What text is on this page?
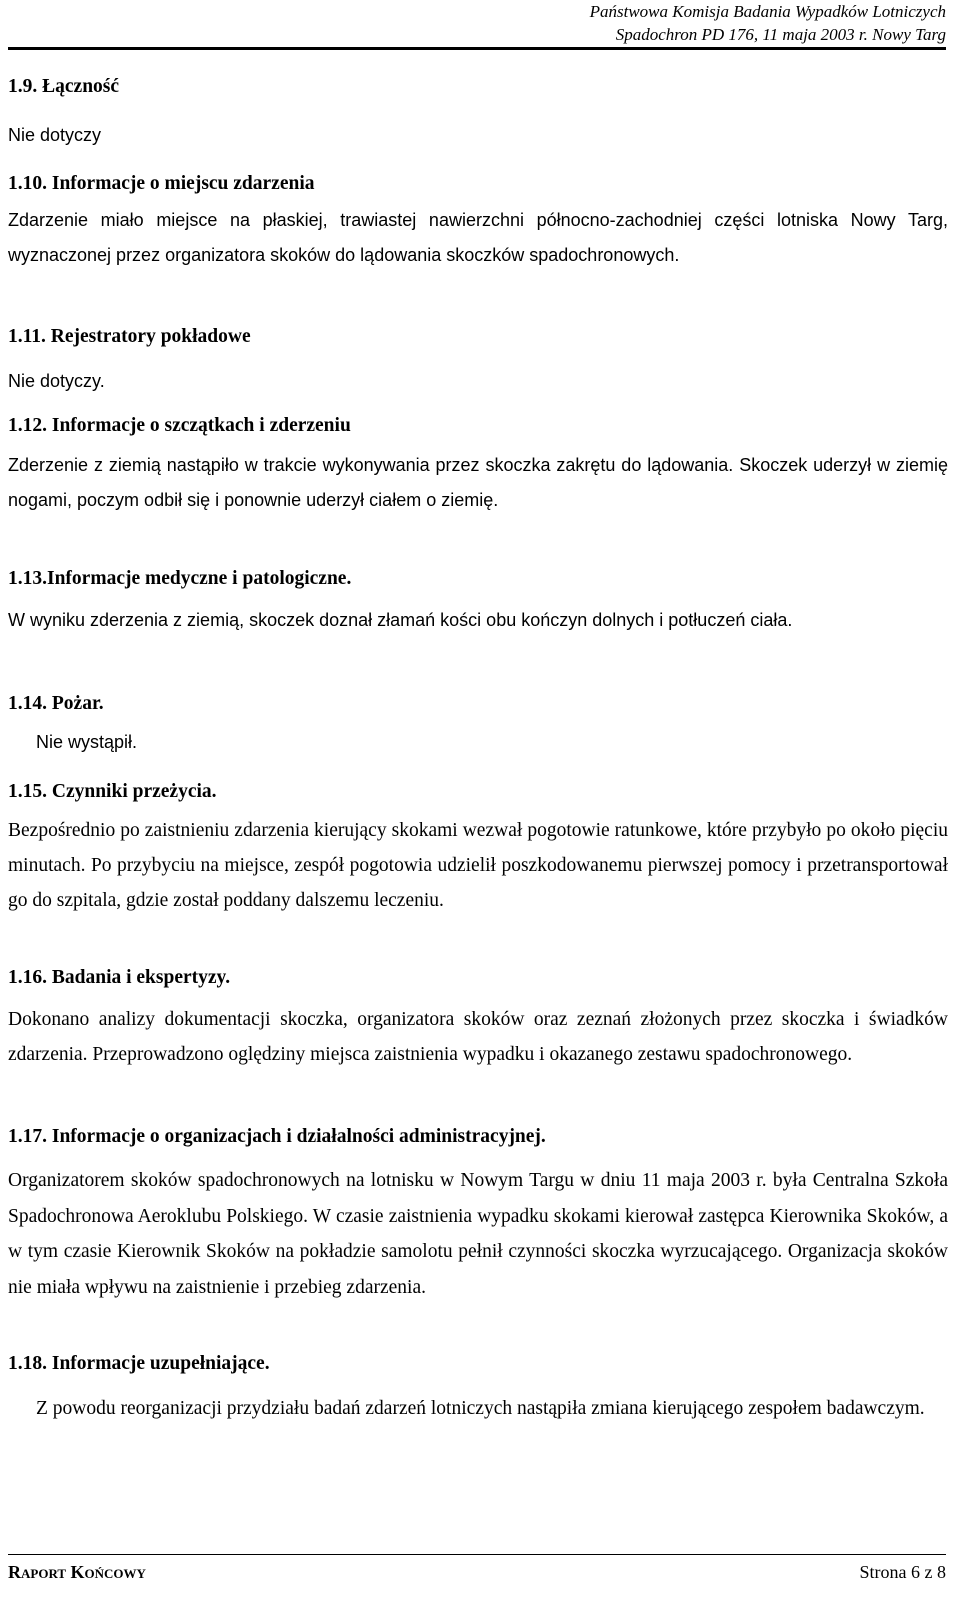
Państwowa Komisja Badania Wypadków Lotniczych
Spadochron PD 176, 11 maja 2003 r. Nowy Targ
1.9. Łączność
Nie dotyczy
1.10. Informacje o miejscu zdarzenia
Zdarzenie miało miejsce na płaskiej, trawiastej nawierzchni północno-zachodniej części lotniska Nowy Targ, wyznaczonej przez organizatora skoków do lądowania skoczków spadochronowych.
1.11. Rejestratory pokładowe
Nie dotyczy.
1.12. Informacje o szczątkach i zderzeniu
Zderzenie z ziemią nastąpiło w trakcie wykonywania przez skoczka zakrętu do lądowania. Skoczek uderzył w ziemię nogami, poczym odbił się i ponownie uderzył ciałem o ziemię.
1.13.Informacje medyczne i patologiczne.
W wyniku zderzenia z ziemią, skoczek doznał złamań kości obu kończyn dolnych i potłuczeń ciała.
1.14. Pożar.
Nie wystąpił.
1.15. Czynniki przeżycia.
Bezpośrednio po zaistnieniu zdarzenia kierujący skokami wezwał pogotowie ratunkowe, które przybyło po około pięciu minutach. Po przybyciu na miejsce, zespół pogotowia udzielił poszkodowanemu pierwszej pomocy i przetransportował go do szpitala, gdzie został poddany dalszemu leczeniu.
1.16. Badania i ekspertyzy.
Dokonano analizy dokumentacji skoczka, organizatora skoków oraz zeznań złożonych przez skoczka i świadków zdarzenia. Przeprowadzono oględziny miejsca zaistnienia wypadku i okazanego zestawu spadochronowego.
1.17. Informacje o organizacjach i działalności administracyjnej.
Organizatorem skoków spadochronowych na lotnisku w Nowym Targu w dniu 11 maja 2003 r. była Centralna Szkoła Spadochronowa Aeroklubu Polskiego. W czasie zaistnienia wypadku skokami kierował zastępca Kierownika Skoków, a w tym czasie Kierownik Skoków na pokładzie samolotu pełnił czynności skoczka wyrzucającego. Organizacja skoków nie miała wpływu na zaistnienie i przebieg zdarzenia.
1.18. Informacje uzupełniające.
Z powodu reorganizacji przydziału badań zdarzeń lotniczych nastąpiła zmiana kierującego zespołem badawczym.
Raport Końcowy	Strona 6 z 8
